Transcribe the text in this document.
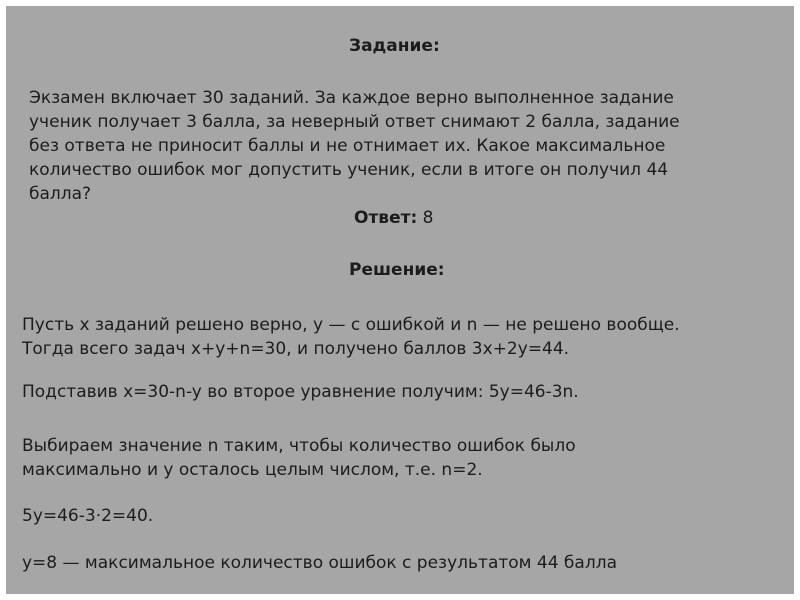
Задание:
Экзамен включает 30 заданий. За каждое верно выполненное задание
ученик получает 3 балла, за неверный ответ снимают 2 балла, задание
без ответа не приносит баллы и не отнимает их. Какое максимальное
количество ошибок мог допустить ученик, если в итоге он получил 44
балла?
Ответ: 8
Решение:
Пусть x заданий решено верно, y — с ошибкой и n — не решено вообще.
Тогда всего задач x+y+n=30, и получено баллов 3x+2y=44.
Подставив x=30-n-y во второе уравнение получим: 5y=46-3n.
Выбираем значение n таким, чтобы количество ошибок было
максимально и y осталось целым числом, т.е. n=2.
5y=46-3⋅2=40.
y=8 — максимальное количество ошибок с результатом 44 балла
